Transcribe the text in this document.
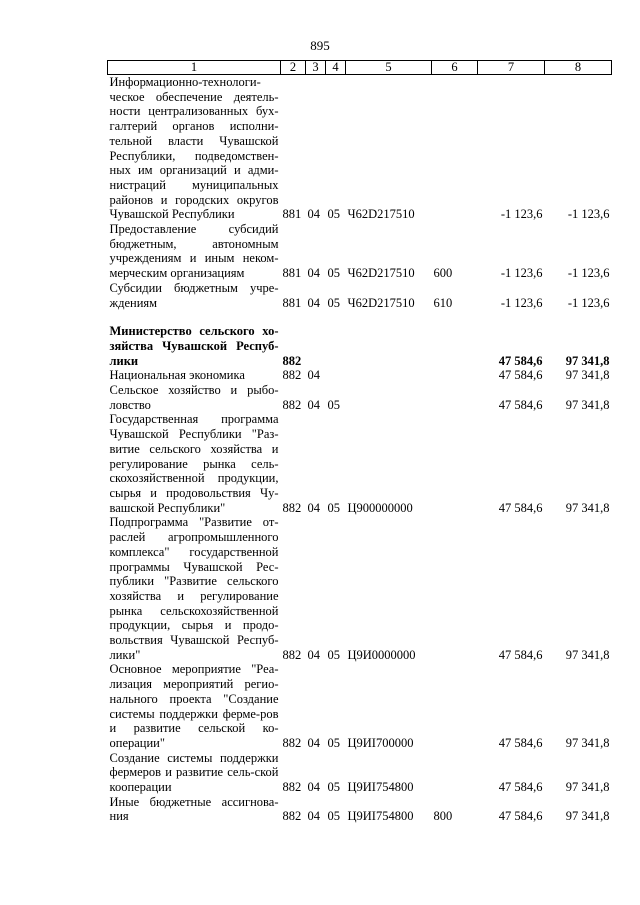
895
1	2	3	4	5	6	7	8
Информационно-технологи-ческое обеспечение деятель-ности централизованных бух-галтерий органов исполни-тельной власти Чувашской Республики, подведомствен-ных им организаций и адми-нистраций муниципальных районов и городских округов Чувашской Республики	881	04	05	Ч62D217510		-1 123,6	-1 123,6
Предоставление субсидий бюджетным, автономным учреждениям и иным неком-мерческим организациям	881	04	05	Ч62D217510	600	-1 123,6	-1 123,6
Субсидии бюджетным учре-ждениям	881	04	05	Ч62D217510	610	-1 123,6	-1 123,6

Министерство сельского хо-зяйства Чувашской Респуб-лики	882					47 584,6	97 341,8
Национальная экономика	882	04				47 584,6	97 341,8
Сельское хозяйство и рыбо-ловство	882	04	05			47 584,6	97 341,8
Государственная программа Чувашской Республики "Раз-витие сельского хозяйства и регулирование рынка сель-скохозяйственной продукции, сырья и продовольствия Чу-вашской Республики"	882	04	05	Ц900000000		47 584,6	97 341,8
Подпрограмма "Развитие от-раслей агропромышленного комплекса" государственной программы Чувашской Рес-публики "Развитие сельского хозяйства и регулирование рынка сельскохозяйственной продукции, сырья и продо-вольствия Чувашской Респуб-лики"	882	04	05	Ц9И0000000		47 584,6	97 341,8
Основное мероприятие "Реа-лизация мероприятий регио-нального проекта "Создание системы поддержки ферме-ров и развитие сельской ко-операции"	882	04	05	Ц9ИI700000		47 584,6	97 341,8
Создание системы поддержки фермеров и развитие сель-ской кооперации	882	04	05	Ц9ИI754800		47 584,6	97 341,8
Иные бюджетные ассигнова-ния	882	04	05	Ц9ИI754800	800	47 584,6	97 341,8
